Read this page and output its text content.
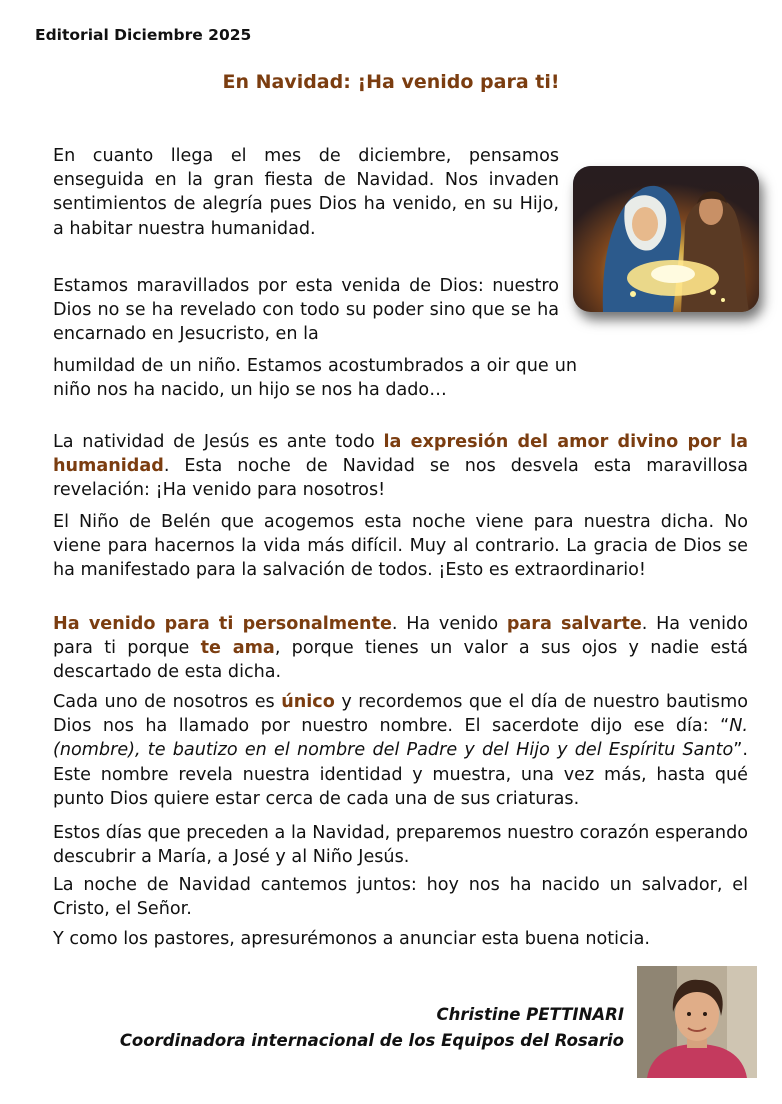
Editorial Diciembre 2025
En Navidad: ¡Ha venido para ti!

En cuanto llega el mes de diciembre, pensamos enseguida en la gran fiesta de Navidad. Nos invaden sentimientos de alegría pues Dios ha venido, en su Hijo, a habitar nuestra humanidad.

Estamos maravillados por esta venida de Dios: nuestro Dios no se ha revelado con todo su poder sino que se ha encarnado en Jesucristo, en la

humildad de un niño. Estamos acostumbrados a oir que un niño nos ha nacido, un hijo se nos ha dado…

La natividad de Jesús es ante todo la expresión del amor divino por la humanidad. Esta noche de Navidad se nos desvela esta maravillosa revelación: ¡Ha venido para nosotros!

El Niño de Belén que acogemos esta noche viene para nuestra dicha. No viene para hacernos la vida más difícil. Muy al contrario. La gracia de Dios se ha manifestado para la salvación de todos. ¡Esto es extraordinario!

Ha venido para ti personalmente. Ha venido para salvarte. Ha venido para ti porque te ama, porque tienes un valor a sus ojos y nadie está descartado de esta dicha.

Cada uno de nosotros es único y recordemos que el día de nuestro bautismo Dios nos ha llamado por nuestro nombre. El sacerdote dijo ese día: “N. (nombre), te bautizo en el nombre del Padre y del Hijo y del Espíritu Santo”. Este nombre revela nuestra identidad y muestra, una vez más, hasta qué punto Dios quiere estar cerca de cada una de sus criaturas.

Estos días que preceden a la Navidad, preparemos nuestro corazón esperando descubrir a María, a José y al Niño Jesús.

La noche de Navidad cantemos juntos: hoy nos ha nacido un salvador, el Cristo, el Señor.

Y como los pastores, apresurémonos a anunciar esta buena noticia.

Christine PETTINARI
Coordinadora internacional de los Equipos del Rosario
